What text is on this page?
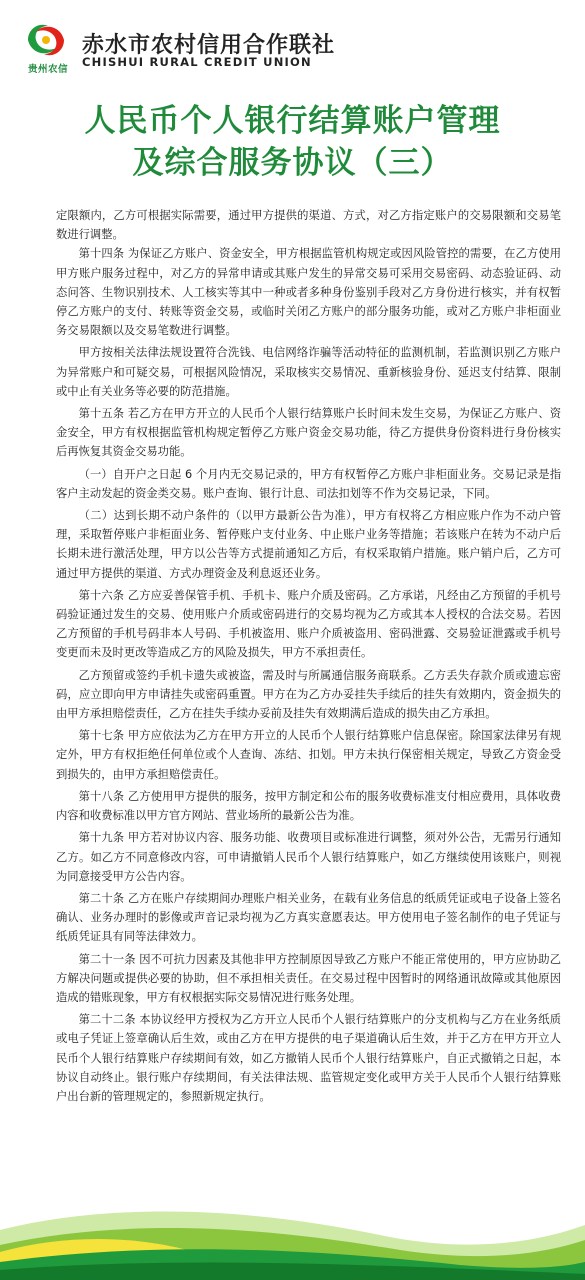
贵州农信
赤水市农村信用合作联社
CHISHUI RURAL CREDIT UNION
人民币个人银行结算账户管理
及综合服务协议（三）

定限额内，乙方可根据实际需要，通过甲方提供的渠道、方式，对乙方指定账户的交易限额和交易笔数进行调整。

第十四条 为保证乙方账户、资金安全，甲方根据监管机构规定或因风险管控的需要，在乙方使用甲方账户服务过程中，对乙方的异常申请或其账户发生的异常交易可采用交易密码、动态验证码、动态问答、生物识别技术、人工核实等其中一种或者多种身份鉴别手段对乙方身份进行核实，并有权暂停乙方账户的支付、转账等资金交易，或临时关闭乙方账户的部分服务功能，或对乙方账户非柜面业务交易限额以及交易笔数进行调整。

甲方按相关法律法规设置符合洗钱、电信网络诈骗等活动特征的监测机制，若监测识别乙方账户为异常账户和可疑交易，可根据风险情况，采取核实交易情况、重新核验身份、延迟支付结算、限制或中止有关业务等必要的防范措施。

第十五条 若乙方在甲方开立的人民币个人银行结算账户长时间未发生交易，为保证乙方账户、资金安全，甲方有权根据监管机构规定暂停乙方账户资金交易功能，待乙方提供身份资料进行身份核实后再恢复其资金交易功能。

（一）自开户之日起 6 个月内无交易记录的，甲方有权暂停乙方账户非柜面业务。交易记录是指客户主动发起的资金类交易。账户查询、银行计息、司法扣划等不作为交易记录，下同。

（二）达到长期不动户条件的（以甲方最新公告为准），甲方有权将乙方相应账户作为不动户管理，采取暂停账户非柜面业务、暂停账户支付业务、中止账户业务等措施；若该账户在转为不动户后长期未进行激活处理，甲方以公告等方式提前通知乙方后，有权采取销户措施。账户销户后，乙方可通过甲方提供的渠道、方式办理资金及利息返还业务。

第十六条 乙方应妥善保管手机、手机卡、账户介质及密码。乙方承诺，凡经由乙方预留的手机号码验证通过发生的交易、使用账户介质或密码进行的交易均视为乙方或其本人授权的合法交易。若因乙方预留的手机号码非本人号码、手机被盗用、账户介质被盗用、密码泄露、交易验证泄露或手机号变更而未及时更改等造成乙方的风险及损失，甲方不承担责任。

乙方预留或签约手机卡遗失或被盗，需及时与所属通信服务商联系。乙方丢失存款介质或遗忘密码，应立即向甲方申请挂失或密码重置。甲方在为乙方办妥挂失手续后的挂失有效期内，资金损失的由甲方承担赔偿责任，乙方在挂失手续办妥前及挂失有效期满后造成的损失由乙方承担。

第十七条 甲方应依法为乙方在甲方开立的人民币个人银行结算账户信息保密。除国家法律另有规定外，甲方有权拒绝任何单位或个人查询、冻结、扣划。甲方未执行保密相关规定，导致乙方资金受到损失的，由甲方承担赔偿责任。

第十八条 乙方使用甲方提供的服务，按甲方制定和公布的服务收费标准支付相应费用，具体收费内容和收费标准以甲方官方网站、营业场所的最新公告为准。

第十九条 甲方若对协议内容、服务功能、收费项目或标准进行调整，须对外公告，无需另行通知乙方。如乙方不同意修改内容，可申请撤销人民币个人银行结算账户，如乙方继续使用该账户，则视为同意接受甲方公告内容。

第二十条 乙方在账户存续期间办理账户相关业务，在载有业务信息的纸质凭证或电子设备上签名确认、业务办理时的影像或声音记录均视为乙方真实意愿表达。甲方使用电子签名制作的电子凭证与纸质凭证具有同等法律效力。

第二十一条 因不可抗力因素及其他非甲方控制原因导致乙方账户不能正常使用的，甲方应协助乙方解决问题或提供必要的协助，但不承担相关责任。在交易过程中因暂时的网络通讯故障或其他原因造成的错账现象，甲方有权根据实际交易情况进行账务处理。

第二十二条 本协议经甲方授权为乙方开立人民币个人银行结算账户的分支机构与乙方在业务纸质或电子凭证上签章确认后生效，或由乙方在甲方提供的电子渠道确认后生效，并于乙方在甲方开立人民币个人银行结算账户存续期间有效，如乙方撤销人民币个人银行结算账户，自正式撤销之日起，本协议自动终止。银行账户存续期间，有关法律法规、监管规定变化或甲方关于人民币个人银行结算账户出台新的管理规定的，参照新规定执行。
